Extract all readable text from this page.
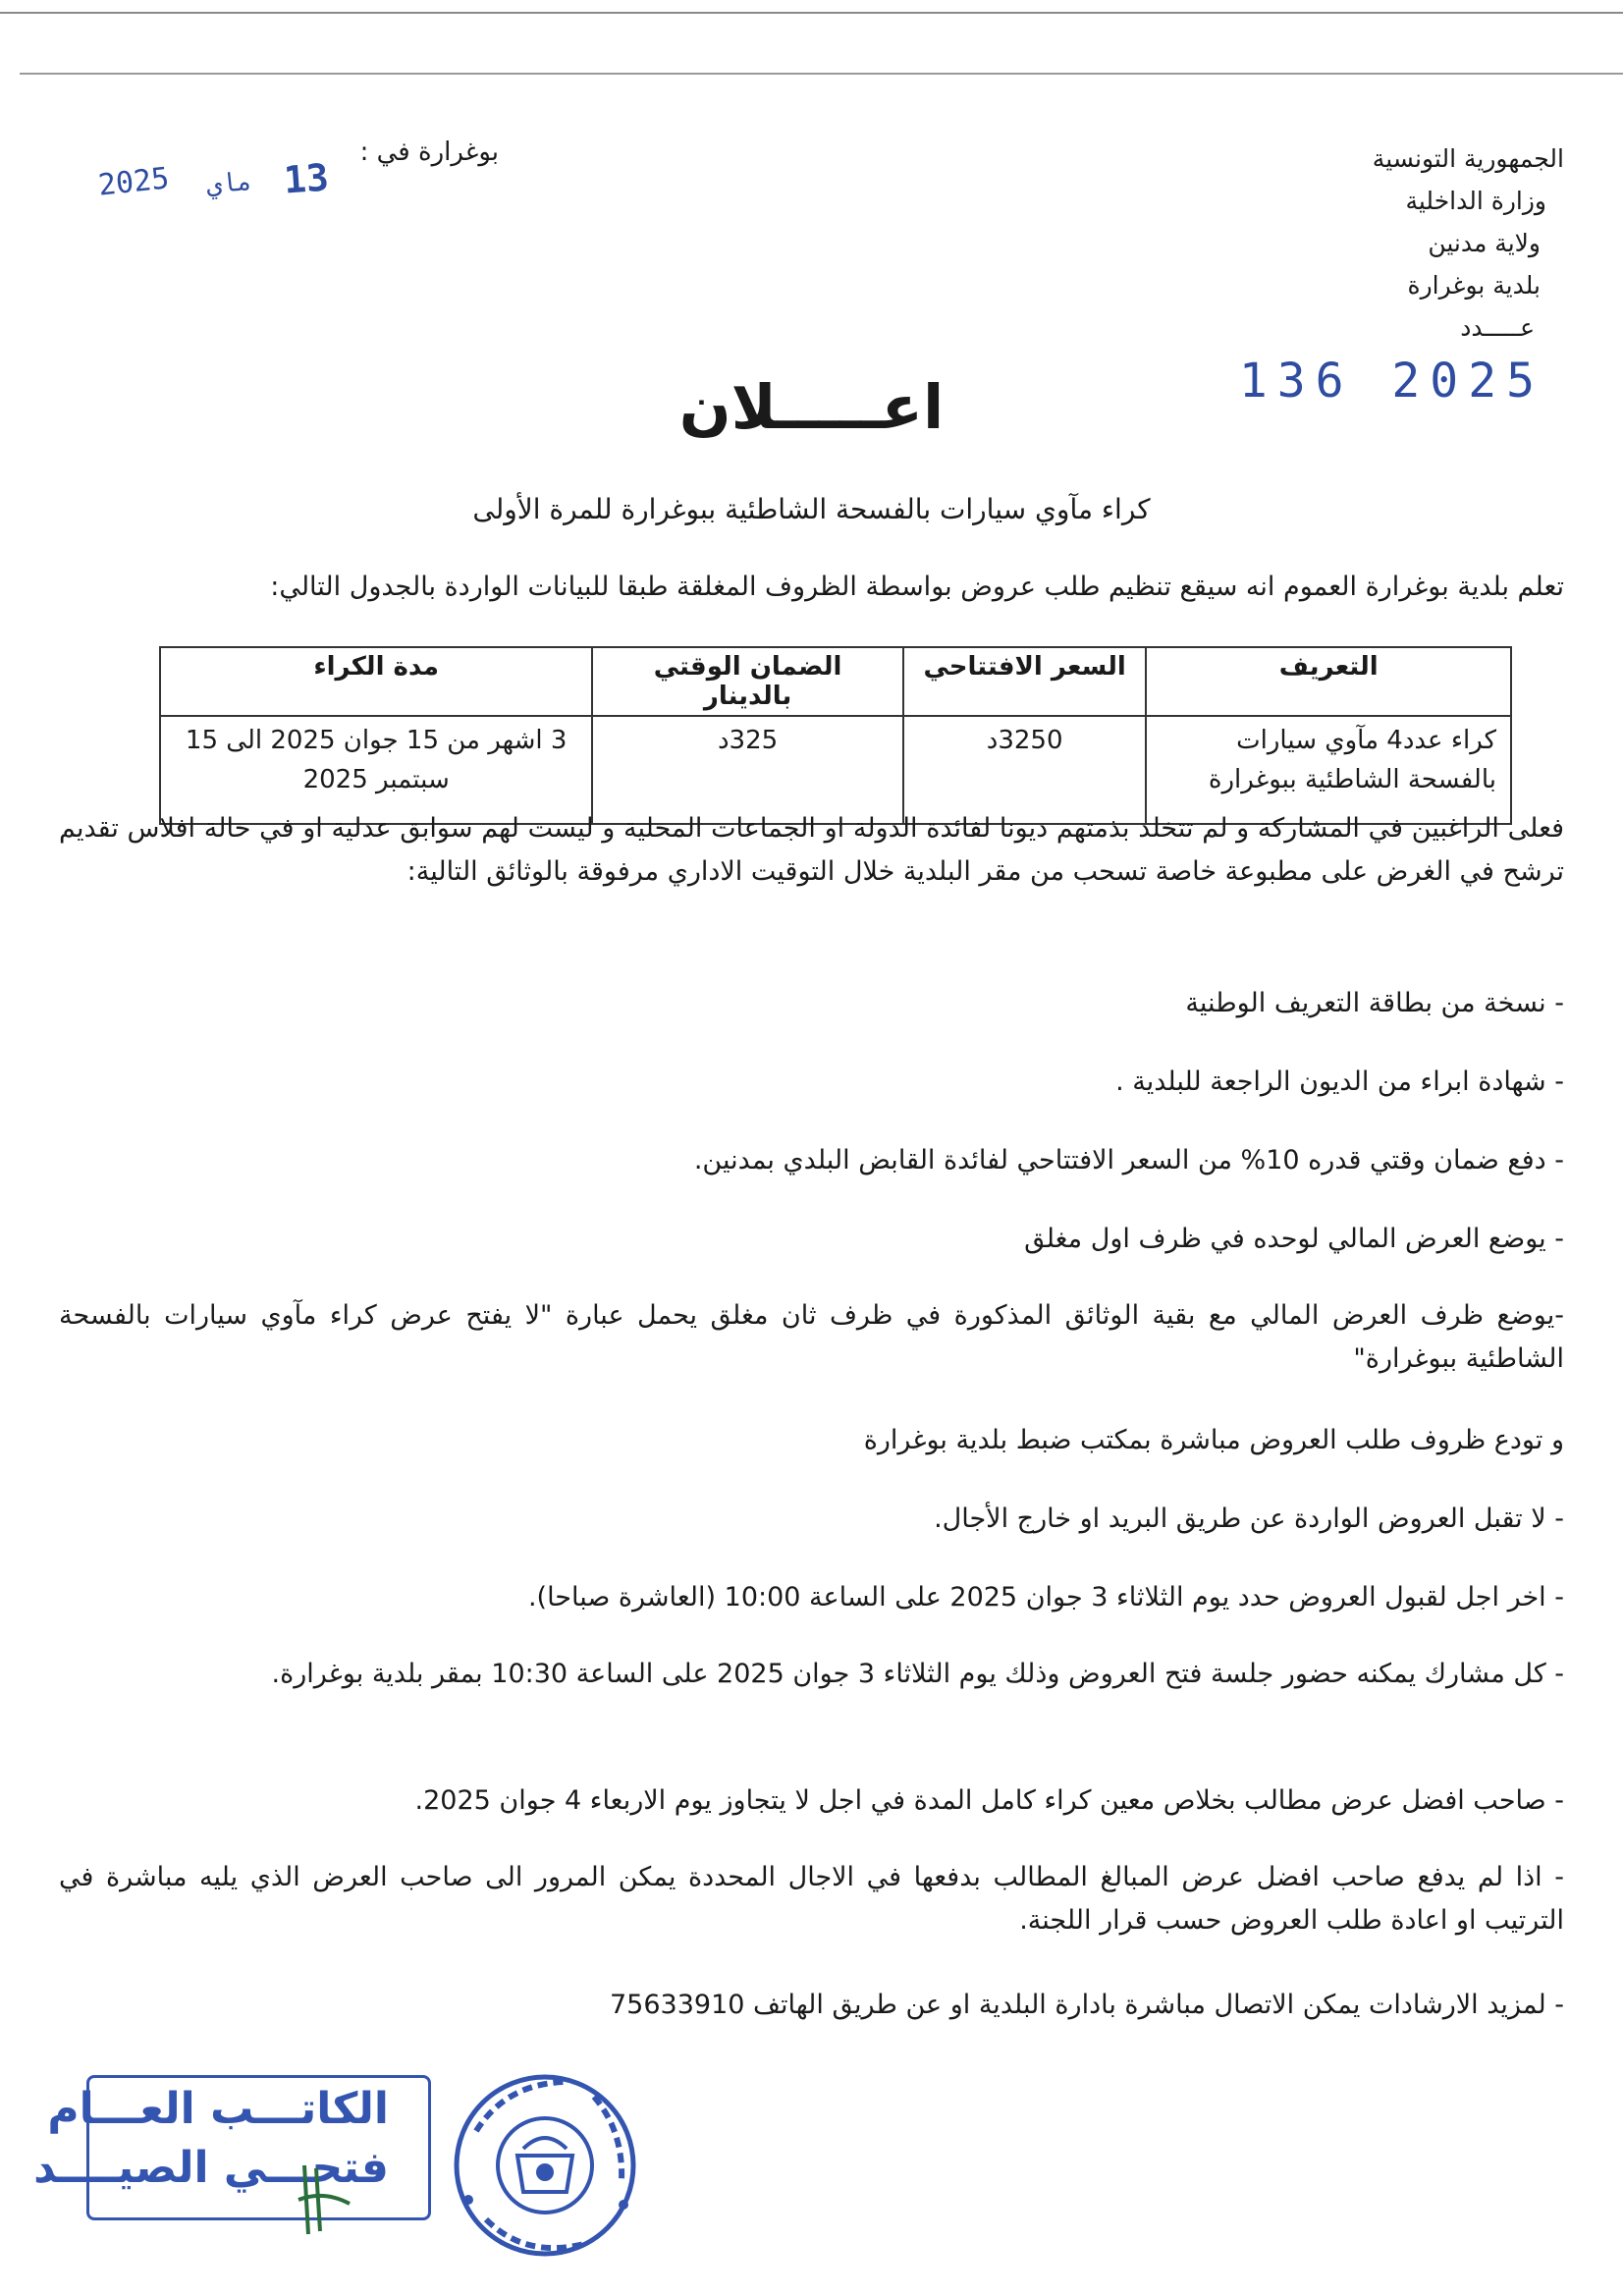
الجمهورية التونسية
وزارة الداخلية
ولاية مدنين
بلدية بوغرارة
عـــــدد
بوغرارة في :
2025 ماي 13
136 2025
اعـــــلان
كراء مآوي سيارات بالفسحة الشاطئية ببوغرارة للمرة الأولى
تعلم بلدية بوغرارة العموم انه سيقع تنظيم طلب عروض بواسطة الظروف المغلقة طبقا للبيانات الواردة بالجدول التالي:
التعريف	السعر الافتتاحي	الضمان الوقتي بالدينار	مدة الكراء
كراء عدد4 مآوي سيارات بالفسحة الشاطئية ببوغرارة	3250د	325د	3 اشهر من 15 جوان 2025 الى 15 سبتمبر 2025
فعلى الراغبين في المشاركة و لم تتخلد بذمتهم ديونا لفائدة الدولة او الجماعات المحلية و ليست لهم سوابق عدلية او في حالة افلاس تقديم ترشح في الغرض على مطبوعة خاصة تسحب من مقر البلدية خلال التوقيت الاداري مرفوقة بالوثائق التالية:
- نسخة من بطاقة التعريف الوطنية
- شهادة ابراء من الديون الراجعة للبلدية .
- دفع ضمان وقتي قدره 10% من السعر الافتتاحي لفائدة القابض البلدي بمدنين.
- يوضع العرض المالي لوحده في ظرف اول مغلق
-يوضع ظرف العرض المالي مع بقية الوثائق المذكورة في ظرف ثان مغلق يحمل عبارة "لا يفتح عرض كراء مآوي سيارات بالفسحة الشاطئية ببوغرارة"
و تودع ظروف طلب العروض مباشرة بمكتب ضبط بلدية بوغرارة
- لا تقبل العروض الواردة عن طريق البريد او خارج الأجال.
- اخر اجل لقبول العروض حدد يوم الثلاثاء 3 جوان 2025 على الساعة 10:00 (العاشرة صباحا).
- كل مشارك يمكنه حضور جلسة فتح العروض وذلك يوم الثلاثاء 3 جوان 2025 على الساعة 10:30 بمقر بلدية بوغرارة.
- صاحب افضل عرض مطالب بخلاص معين كراء كامل المدة في اجل لا يتجاوز يوم الاربعاء 4 جوان 2025.
- اذا لم يدفع صاحب افضل عرض المبالغ المطالب بدفعها في الاجال المحددة يمكن المرور الى صاحب العرض الذي يليه مباشرة في الترتيب او اعادة طلب العروض حسب قرار اللجنة.
- لمزيد الارشادات يمكن الاتصال مباشرة بادارة البلدية او عن طريق الهاتف 75633910
الكاتـــب العـــام
فتحـــي الصيــــد
